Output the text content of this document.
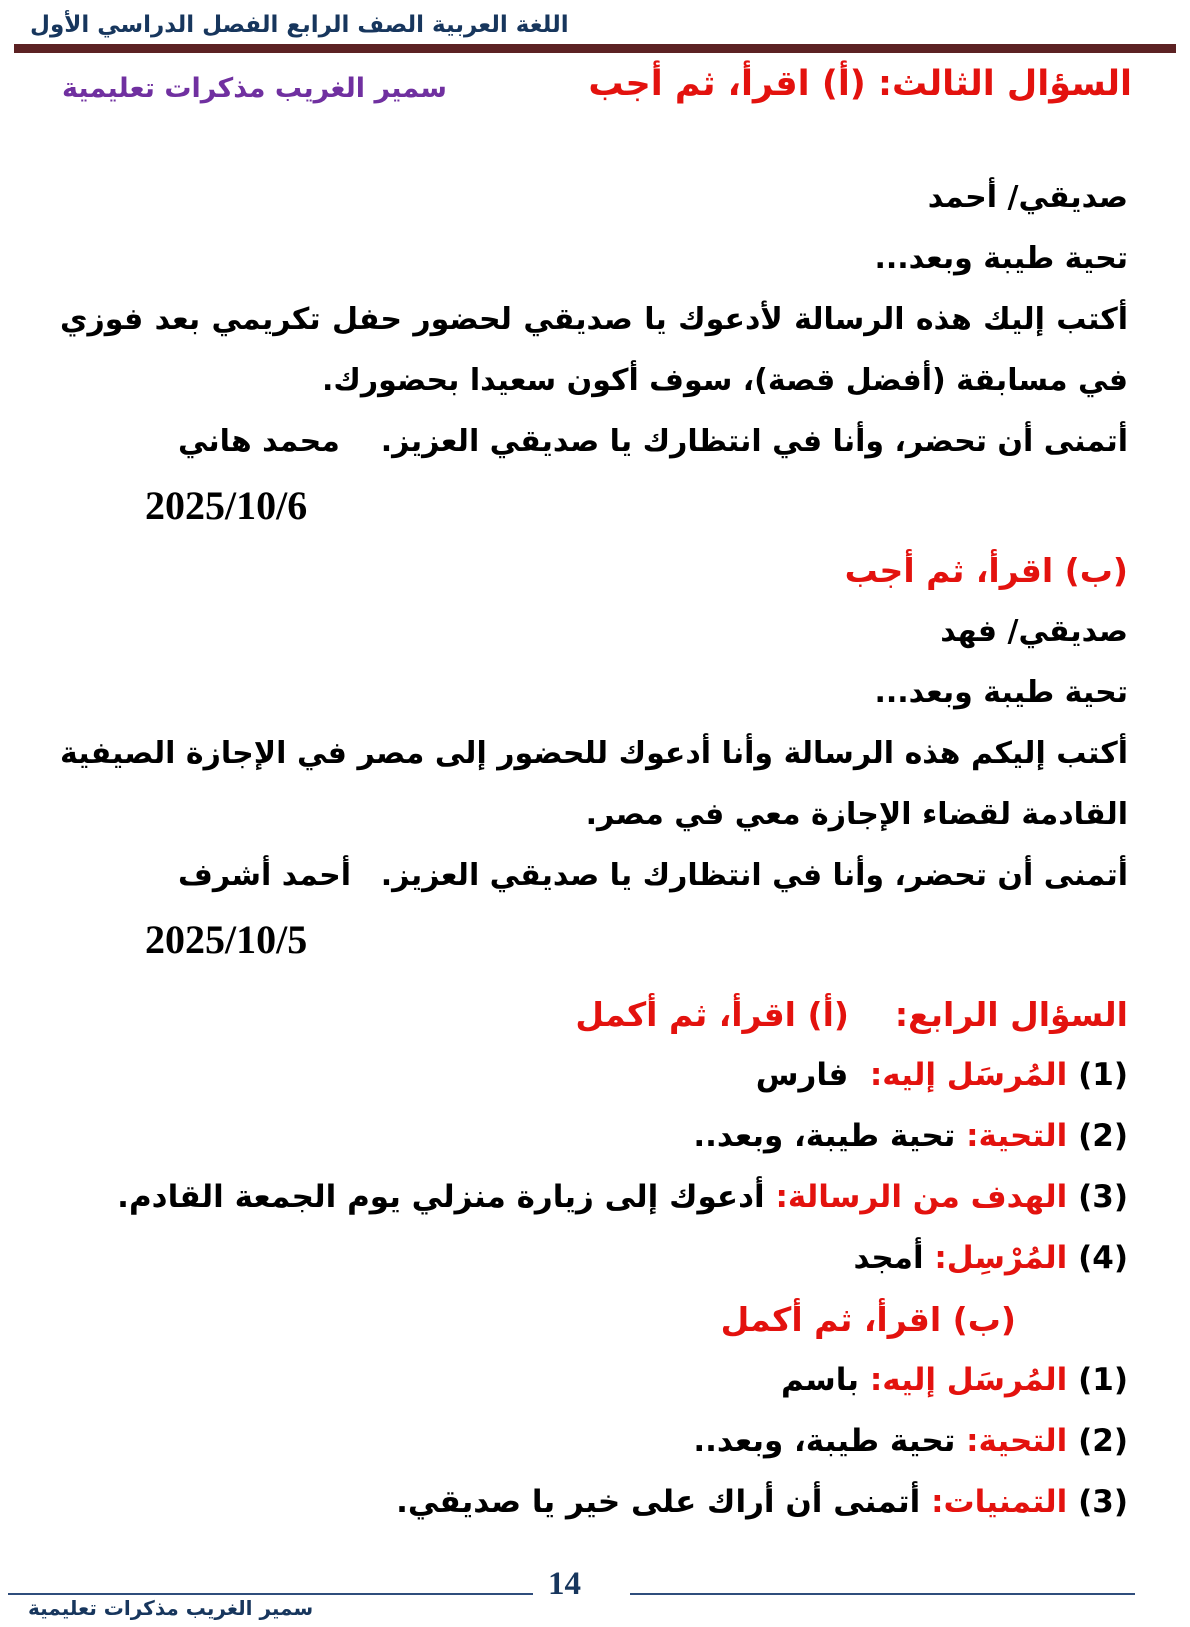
اللغة العربية الصف الرابع الفصل الدراسي الأول
السؤال الثالث: (أ) اقرأ، ثم أجب
سمير الغريب مذكرات تعليمية

صديقي/ أحمد

تحية طيبة وبعد...

أكتب إليك هذه الرسالة لأدعوك يا صديقي لحضور حفل تكريمي بعد فوزي في مسابقة (أفضل قصة)، سوف أكون سعيدا بحضورك.

أتمنى أن تحضر، وأنا في انتظارك يا صديقي العزيز.
محمد هاني

2025/10/6

(ب) اقرأ، ثم أجب

صديقي/ فهد

تحية طيبة وبعد...

أكتب إليكم هذه الرسالة وأنا أدعوك للحضور إلى مصر في الإجازة الصيفية القادمة لقضاء الإجازة معي في مصر.

أتمنى أن تحضر، وأنا في انتظارك يا صديقي العزيز.
أحمد أشرف

2025/10/5

السؤال الرابع:    (أ) اقرأ، ثم أكمل

(1) المُرسَل إليه:  فارس

(2) التحية: تحية طيبة، وبعد..

(3) الهدف من الرسالة: أدعوك إلى زيارة منزلي يوم الجمعة القادم.

(4) المُرْسِل: أمجد

(ب) اقرأ، ثم أكمل

(1) المُرسَل إليه: باسم

(2) التحية: تحية طيبة، وبعد..

(3) التمنيات: أتمنى أن أراك على خير يا صديقي.

14
سمير الغريب مذكرات تعليمية
